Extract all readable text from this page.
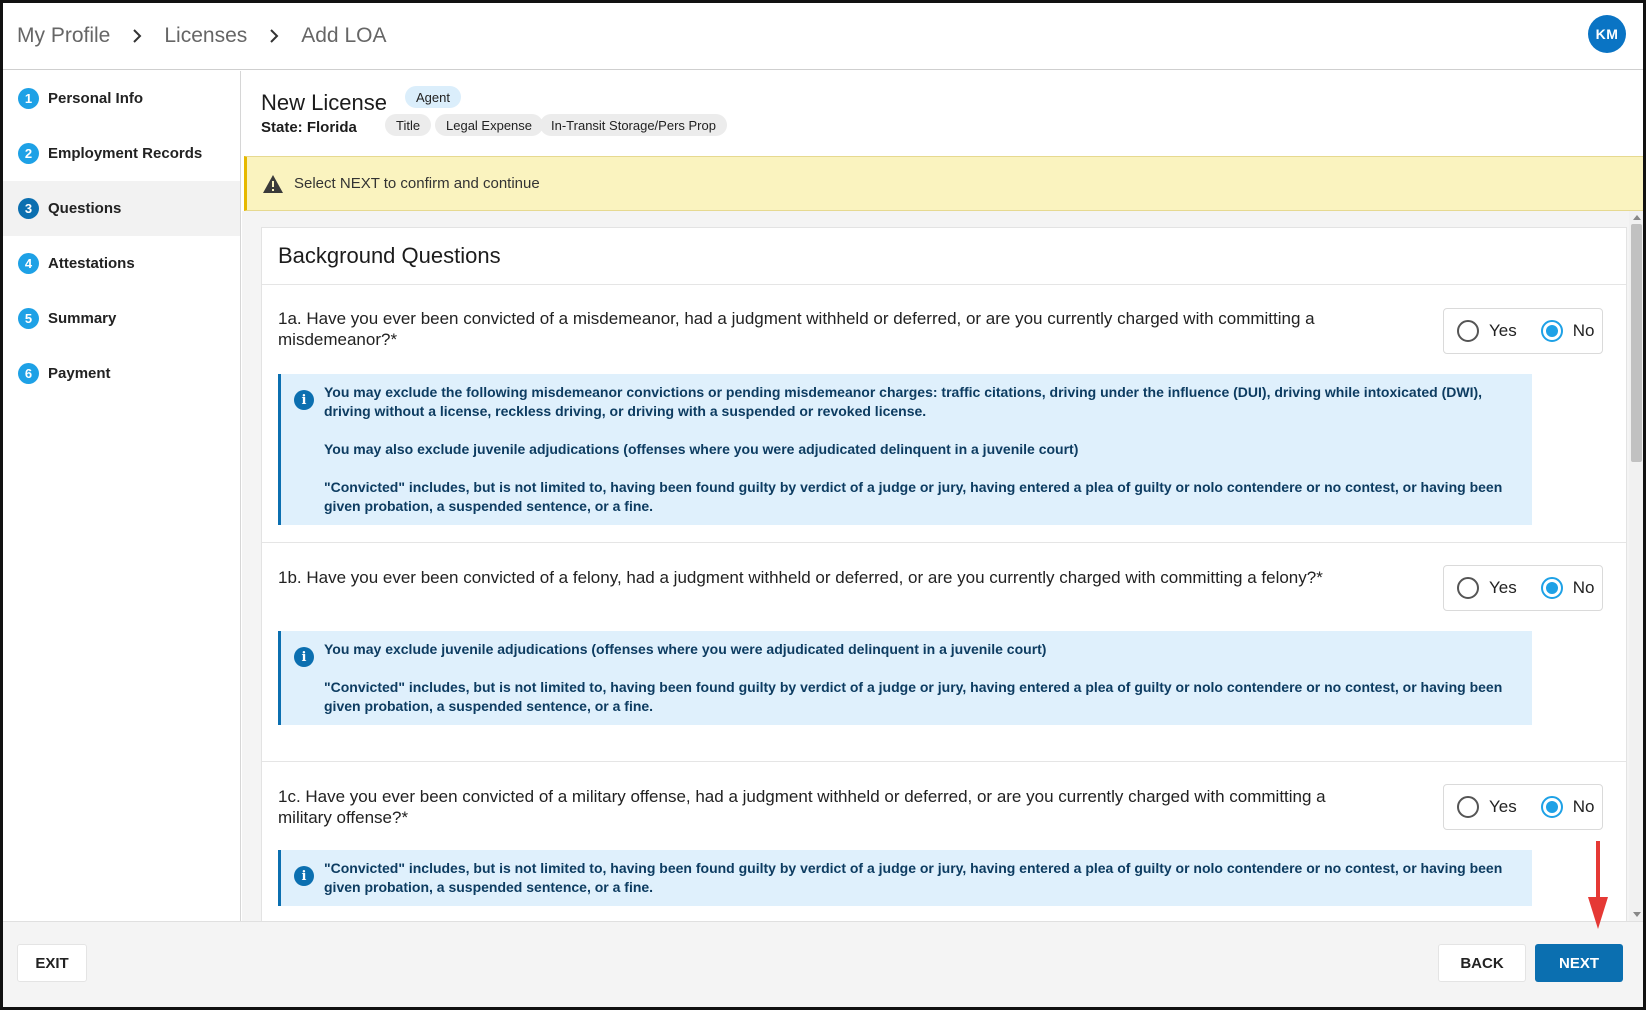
My Profile	Licenses	Add LOA	KM
1	Personal Info
2	Employment Records
3	Questions
4	Attestations
5	Summary
6	Payment
New License
State: Florida
Agent
Title	Legal Expense	In-Transit Storage/Pers Prop
Select NEXT to confirm and continue
Background Questions
1a. Have you ever been convicted of a misdemeanor, had a judgment withheld or deferred, or are you currently charged with committing a misdemeanor?*	Yes	No
i	You may exclude the following misdemeanor convictions or pending misdemeanor charges: traffic citations, driving under the influence (DUI), driving while intoxicated (DWI), driving without a license, reckless driving, or driving with a suspended or revoked license.

You may also exclude juvenile adjudications (offenses where you were adjudicated delinquent in a juvenile court)

"Convicted" includes, but is not limited to, having been found guilty by verdict of a judge or jury, having entered a plea of guilty or nolo contendere or no contest, or having been given probation, a suspended sentence, or a fine.

1b. Have you ever been convicted of a felony, had a judgment withheld or deferred, or are you currently charged with committing a felony?*
Yes	No
i	You may exclude juvenile adjudications (offenses where you were adjudicated delinquent in a juvenile court)

"Convicted" includes, but is not limited to, having been found guilty by verdict of a judge or jury, having entered a plea of guilty or nolo contendere or no contest, or having been given probation, a suspended sentence, or a fine.

1c. Have you ever been convicted of a military offense, had a judgment withheld or deferred, or are you currently charged with committing a military offense?*
Yes	No
i	"Convicted" includes, but is not limited to, having been found guilty by verdict of a judge or jury, having entered a plea of guilty or nolo contendere or no contest, or having been given probation, a suspended sentence, or a fine.

EXIT	BACK	NEXT
